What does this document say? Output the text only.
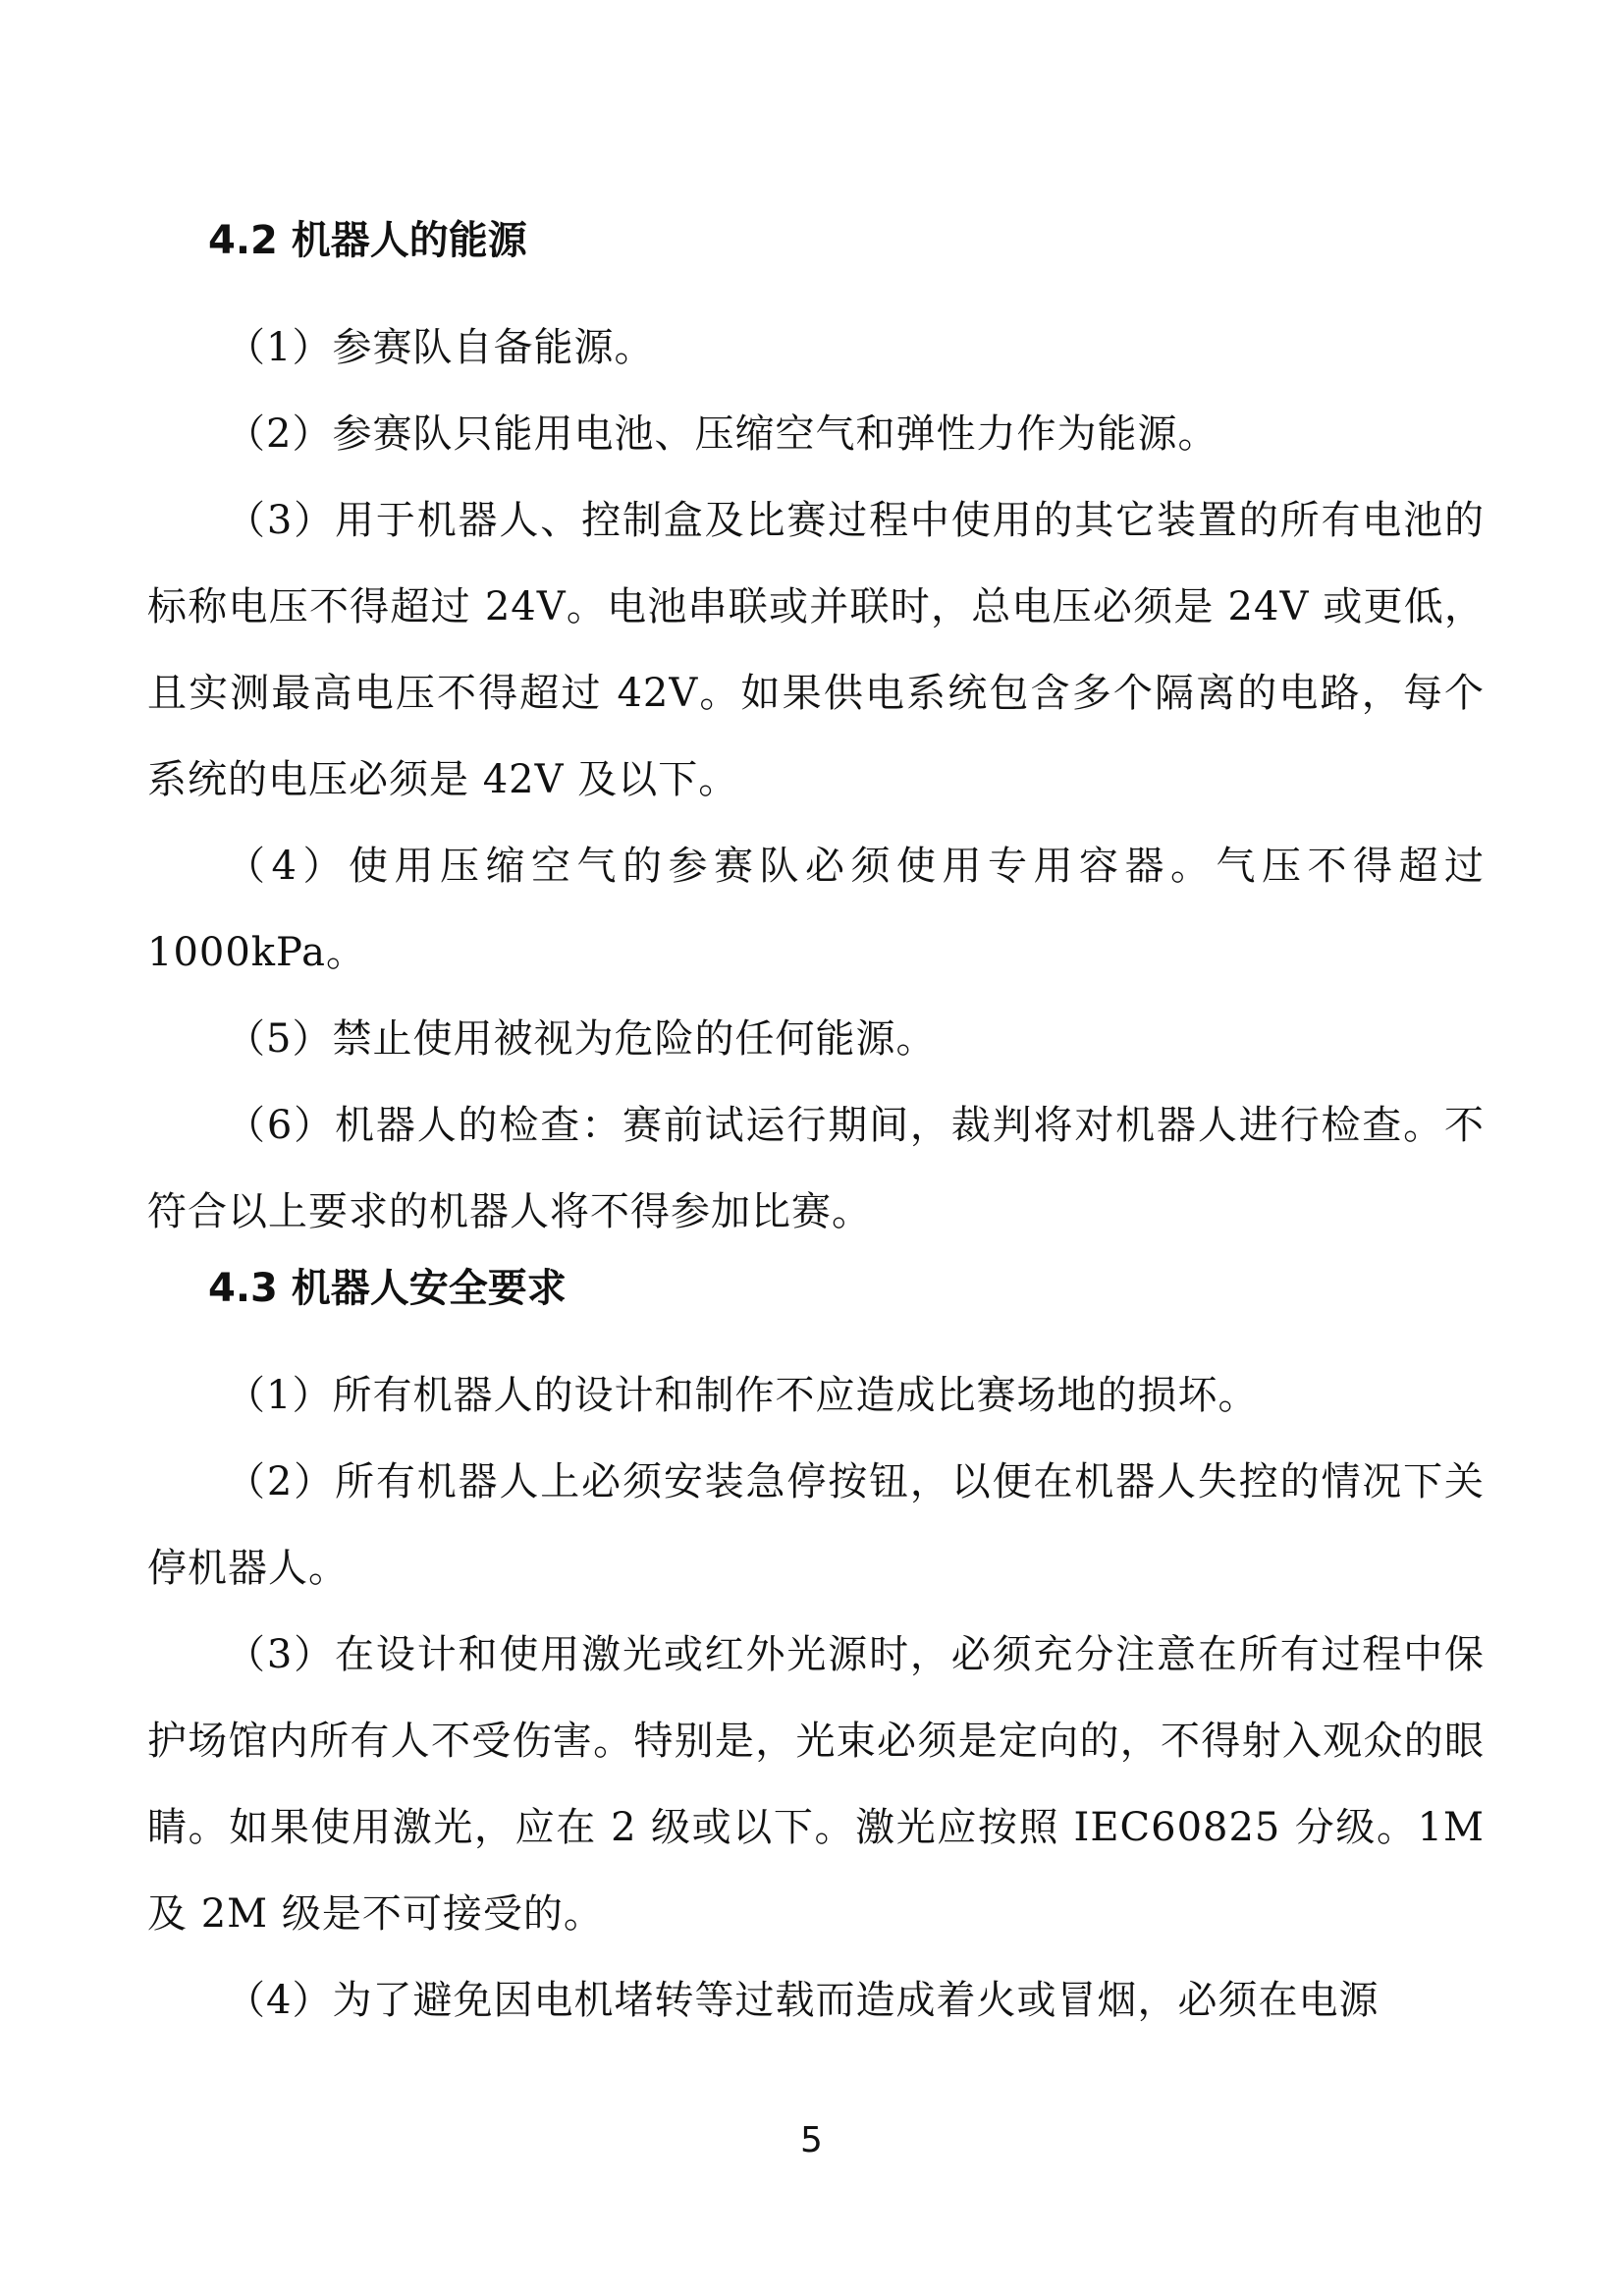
4.2 机器人的能源

（1）参赛队自备能源。

（2）参赛队只能用电池、压缩空气和弹性力作为能源。

（3）用于机器人、控制盒及比赛过程中使用的其它装置的所有电池的标称电压不得超过 24V。电池串联或并联时，总电压必须是 24V 或更低，且实测最高电压不得超过 42V。如果供电系统包含多个隔离的电路，每个系统的电压必须是 42V 及以下。

（4）使用压缩空气的参赛队必须使用专用容器。气压不得超过 1000kPa。

（5）禁止使用被视为危险的任何能源。

（6）机器人的检查：赛前试运行期间，裁判将对机器人进行检查。不符合以上要求的机器人将不得参加比赛。

4.3 机器人安全要求

（1）所有机器人的设计和制作不应造成比赛场地的损坏。

（2）所有机器人上必须安装急停按钮，以便在机器人失控的情况下关停机器人。

（3）在设计和使用激光或红外光源时，必须充分注意在所有过程中保护场馆内所有人不受伤害。特别是，光束必须是定向的，不得射入观众的眼睛。如果使用激光，应在 2 级或以下。激光应按照 IEC60825 分级。1M 及 2M 级是不可接受的。

（4）为了避免因电机堵转等过载而造成着火或冒烟，必须在电源

5
